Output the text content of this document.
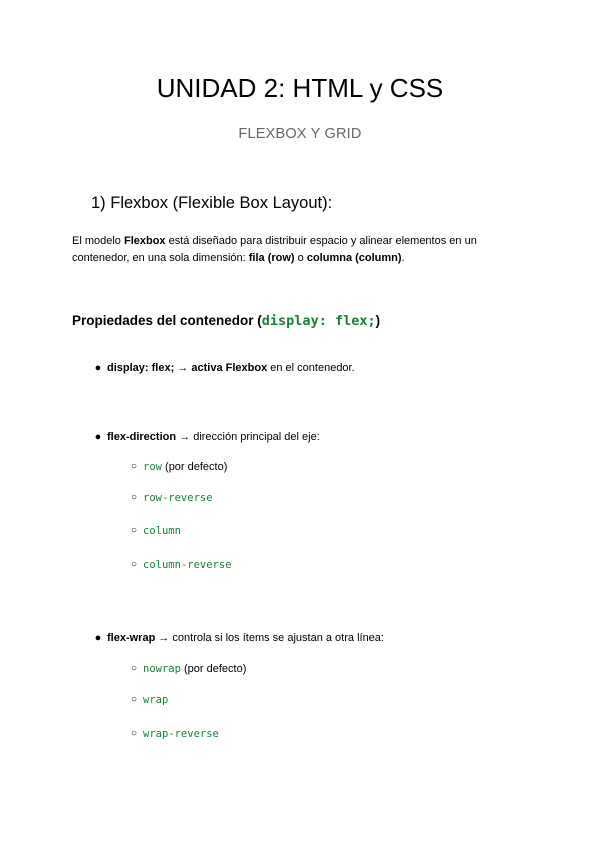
UNIDAD 2: HTML y CSS
FLEXBOX Y GRID
1) Flexbox (Flexible Box Layout):
El modelo Flexbox está diseñado para distribuir espacio y alinear elementos en un contenedor, en una sola dimensión: fila (row) o columna (column).
Propiedades del contenedor (display: flex;)
● display: flex; → activa Flexbox en el contenedor.
● flex-direction → dirección principal del eje:
○ row (por defecto)
○ row-reverse
○ column
○ column-reverse
● flex-wrap → controla si los ítems se ajustan a otra línea:
○ nowrap (por defecto)
○ wrap
○ wrap-reverse
